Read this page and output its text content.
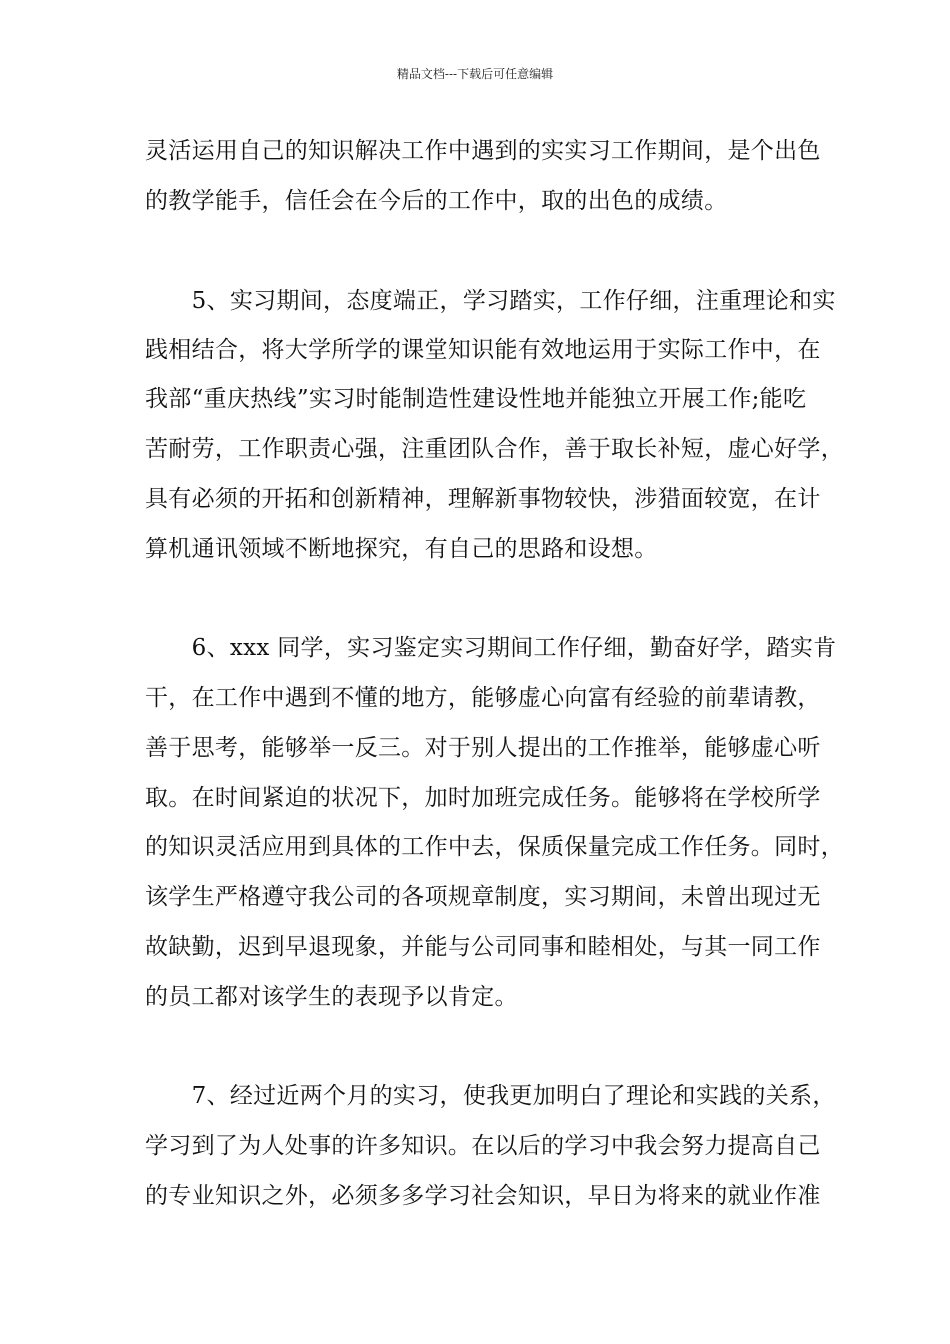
精品文档---下载后可任意编辑
灵活运用自己的知识解决工作中遇到的实实习工作期间，是个出色
的教学能手，信任会在今后的工作中，取的出色的成绩。
　　5、实习期间，态度端正，学习踏实，工作仔细，注重理论和实
践相结合，将大学所学的课堂知识能有效地运用于实际工作中，在
我部“重庆热线”实习时能制造性建设性地并能独立开展工作;能吃
苦耐劳，工作职责心强，注重团队合作，善于取长补短，虚心好学，
具有必须的开拓和创新精神，理解新事物较快，涉猎面较宽，在计
算机通讯领域不断地探究，有自己的思路和设想。
　　6、xxx 同学，实习鉴定实习期间工作仔细，勤奋好学，踏实肯
干，在工作中遇到不懂的地方，能够虚心向富有经验的前辈请教，
善于思考，能够举一反三。对于别人提出的工作推举，能够虚心听
取。在时间紧迫的状况下，加时加班完成任务。能够将在学校所学
的知识灵活应用到具体的工作中去，保质保量完成工作任务。同时，
该学生严格遵守我公司的各项规章制度，实习期间，未曾出现过无
故缺勤，迟到早退现象，并能与公司同事和睦相处，与其一同工作
的员工都对该学生的表现予以肯定。
　　7、经过近两个月的实习，使我更加明白了理论和实践的关系，
学习到了为人处事的许多知识。在以后的学习中我会努力提高自己
的专业知识之外，必须多多学习社会知识，早日为将来的就业作准
